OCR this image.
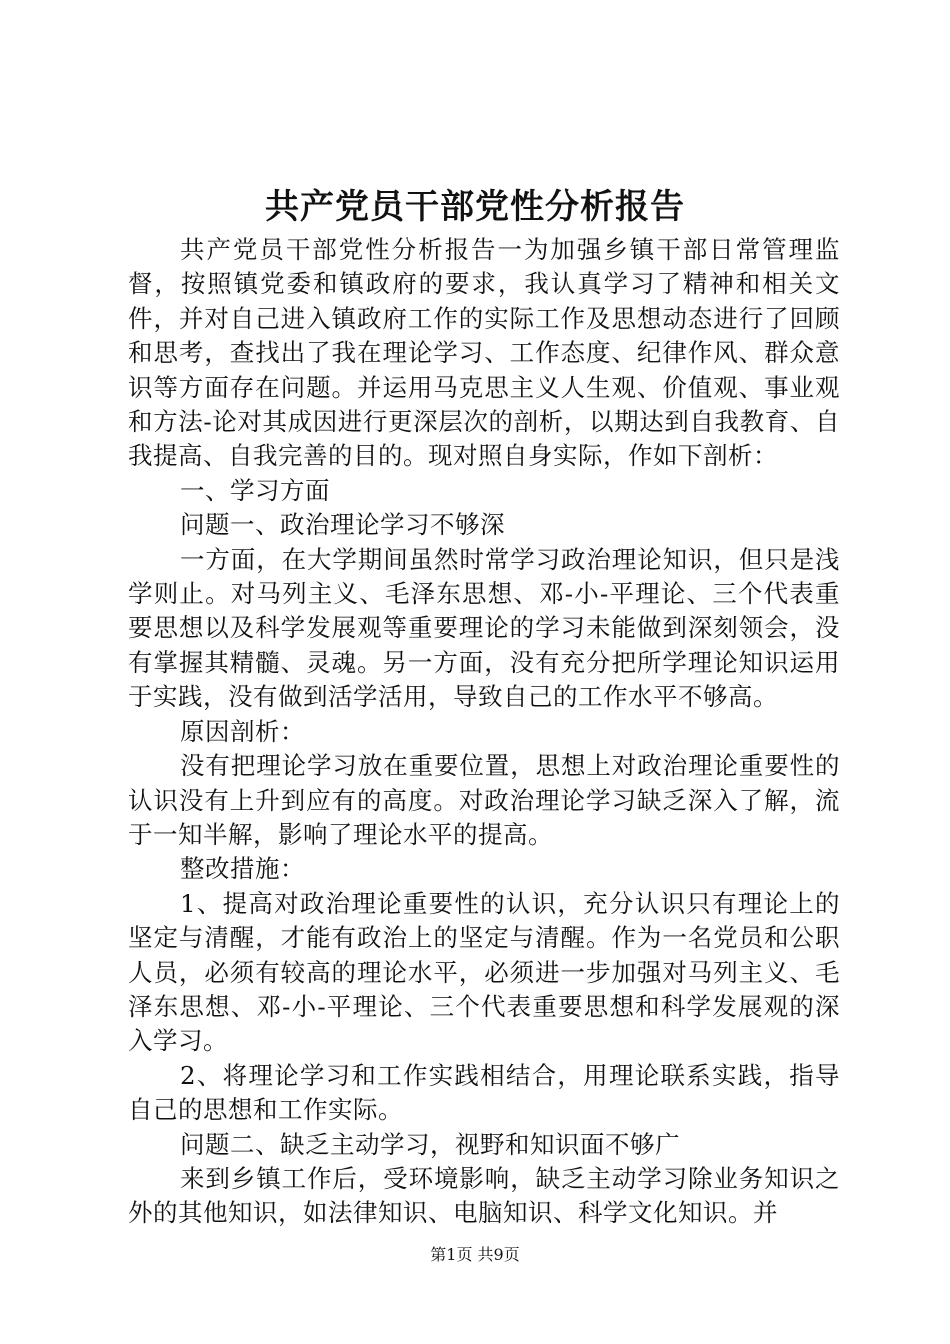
共产党员干部党性分析报告

共产党员干部党性分析报告一为加强乡镇干部日常管理监督，按照镇党委和镇政府的要求，我认真学习了精神和相关文件，并对自己进入镇政府工作的实际工作及思想动态进行了回顾和思考，查找出了我在理论学习、工作态度、纪律作风、群众意识等方面存在问题。并运用马克思主义人生观、价值观、事业观和方法-论对其成因进行更深层次的剖析，以期达到自我教育、自我提高、自我完善的目的。现对照自身实际，作如下剖析：

一、学习方面

问题一、政治理论学习不够深

一方面，在大学期间虽然时常学习政治理论知识，但只是浅学则止。对马列主义、毛泽东思想、邓-小-平理论、三个代表重要思想以及科学发展观等重要理论的学习未能做到深刻领会，没有掌握其精髓、灵魂。另一方面，没有充分把所学理论知识运用于实践，没有做到活学活用，导致自己的工作水平不够高。

原因剖析：

没有把理论学习放在重要位置，思想上对政治理论重要性的认识没有上升到应有的高度。对政治理论学习缺乏深入了解，流于一知半解，影响了理论水平的提高。

整改措施：

1、提高对政治理论重要性的认识，充分认识只有理论上的坚定与清醒，才能有政治上的坚定与清醒。作为一名党员和公职人员，必须有较高的理论水平，必须进一步加强对马列主义、毛泽东思想、邓-小-平理论、三个代表重要思想和科学发展观的深入学习。

2、将理论学习和工作实践相结合，用理论联系实践，指导自己的思想和工作实际。

问题二、缺乏主动学习，视野和知识面不够广

来到乡镇工作后，受环境影响，缺乏主动学习除业务知识之外的其他知识，如法律知识、电脑知识、科学文化知识。并

第1页 共9页
